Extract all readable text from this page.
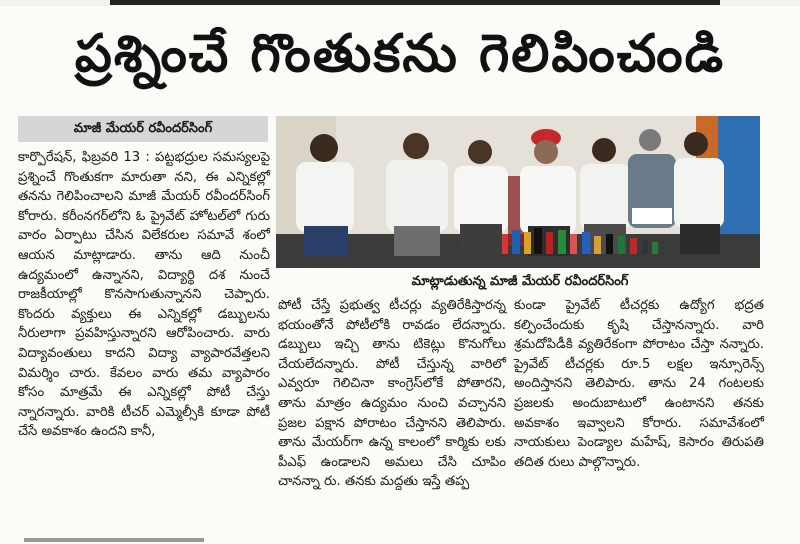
ప్రశ్నించే గొంతుకను గెలిపించండి
మాజీ మేయర్ రవీందర్‌సింగ్

కార్పొరేషన్, ఫిబ్రవరి 13 : పట్టభద్రుల సమస్యలపై ప్రశ్నించే గొంతుకగా మారుతా నని, ఈ ఎన్నికల్లో తనను గెలిపించాలని మాజీ మేయర్ రవీందర్‌సింగ్ కోరారు. కరీంనగర్‌లోని ఓ ప్రైవేట్ హోటల్‌లో గురు వారం ఏర్పాటు చేసిన విలేకరుల సమావే శంలో ఆయన మాట్లాడారు. తాను ఆది నుంచీ ఉద్యమంలో ఉన్నానని, విద్యార్థి దశ నుంచే రాజకీయాల్లో కొనసాగుతున్నానని చెప్పారు. కొందరు వ్యక్తులు ఈ ఎన్నికల్లో డబ్బులను నీరులాగా ప్రవహిస్తున్నారని ఆరోపించారు. వారు విద్యావంతులు కాదని విద్యా వ్యాపారవేత్తలని విమర్శిం చారు. కేవలం వారు తమ వ్యాపారం కోసం మాత్రమే ఈ ఎన్నికల్లో పోటీ చేస్తు న్నారన్నారు. వారికి టీచర్ ఎమ్మెల్సీకి కూడా పోటీ చేసే అవకాశం ఉందని కానీ,

మాట్లాడుతున్న మాజీ మేయర్ రవీందర్‌సింగ్

పోటీ చేస్తే ప్రభుత్వ టీచర్లు వ్యతిరేకిస్తారన్న భయంతోనే పోటీలోకి రావడం లేదన్నారు. డబ్బులు ఇచ్చి తాను టికెట్లు కొనుగోలు చేయలేదన్నారు. పోటీ చేస్తున్న వారిలో ఎవ్వరూ గెలిచినా కాంగ్రెస్‌లోకే పోతారని, తాను మాత్రం ఉద్యమం నుంచి వచ్చానని ప్రజల పక్షాన పోరాటం చేస్తానని తెలిపారు. తాను మేయర్‌గా ఉన్న కాలంలో కార్మికు లకు పీఎఫ్ ఉండాలని అమలు చేసి చూపిం చానన్నా రు. తనకు మద్దతు ఇస్తే తప్ప

కుండా ప్రైవేట్ టీచర్లకు ఉద్యోగ భద్రత కల్పించేందుకు కృషి చేస్తానన్నారు. వారి శ్రమదోపిడీకి వ్యతిరేకంగా పోరాటం చేస్తా నన్నారు. ప్రైవేట్ టీచర్లకు రూ.5 లక్షల ఇన్సూరెన్స్ అందిస్తానని తెలిపారు. తాను 24 గంటలకు ప్రజలకు అందుబాటులో ఉంటానని తనకు అవకాశం ఇవ్వాలని కోరారు. సమావేశంలో నాయకులు పెండ్యాల మహేష్, కెసారం తిరుపతి తదిత రులు పాల్గొన్నారు.
